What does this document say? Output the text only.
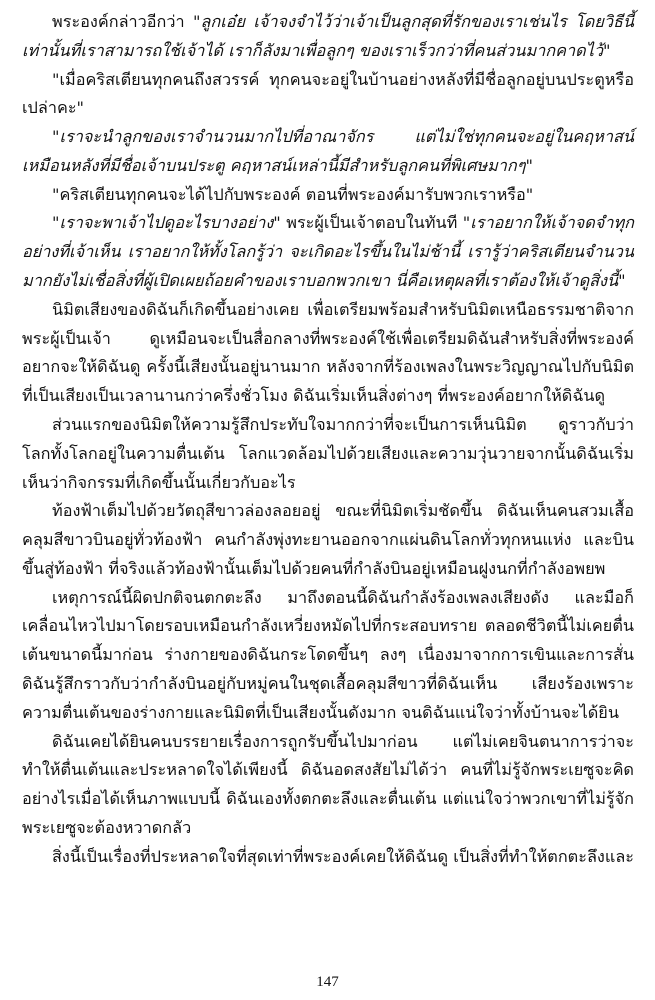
พระองค์กล่าวอีกว่า "ลูกเอ๋ย เจ้าจงจำไว้ว่าเจ้าเป็นลูกสุดที่รักของเราเช่นไร โดยวิธีนี้เท่านั้นที่เราสามารถใช้เจ้าได้ เราก็ลังมาเพื่อลูกๆ ของเราเร็วกว่าที่คนส่วนมากคาดไว้"

"เมื่อคริสเตียนทุกคนถึงสวรรค์ ทุกคนจะอยู่ในบ้านอย่างหลังที่มีชื่อลูกอยู่บนประตูหรือเปล่าคะ"

"เราจะนำลูกของเราจำนวนมากไปที่อาณาจักร แต่ไม่ใช่ทุกคนจะอยู่ในคฤหาสน์เหมือนหลังที่มีชื่อเจ้าบนประตู คฤหาสน์เหล่านี้มีสำหรับลูกคนที่พิเศษมากๆ"

"คริสเตียนทุกคนจะได้ไปกับพระองค์ ตอนที่พระองค์มารับพวกเราหรือ"

"เราจะพาเจ้าไปดูอะไรบางอย่าง" พระผู้เป็นเจ้าตอบในทันที "เราอยากให้เจ้าจดจำทุกอย่างที่เจ้าเห็น เราอยากให้ทั้งโลกรู้ว่า จะเกิดอะไรขึ้นในไม่ช้านี้ เรารู้ว่าคริสเตียนจำนวนมากยังไม่เชื่อสิ่งที่ผู้เปิดเผยถ้อยคำของเราบอกพวกเขา นี่คือเหตุผลที่เราต้องให้เจ้าดูสิ่งนี้"

นิมิตเสียงของดิฉันก็เกิดขึ้นอย่างเคย เพื่อเตรียมพร้อมสำหรับนิมิตเหนือธรรมชาติจากพระผู้เป็นเจ้า ดูเหมือนจะเป็นสื่อกลางที่พระองค์ใช้เพื่อเตรียมดิฉันสำหรับสิ่งที่พระองค์อยากจะให้ดิฉันดู ครั้งนี้เสียงนั้นอยู่นานมาก หลังจากที่ร้องเพลงในพระวิญญาณไปกับนิมิตที่เป็นเสียงเป็นเวลานานกว่าครึ่งชั่วโมง ดิฉันเริ่มเห็นสิ่งต่างๆ ที่พระองค์อยากให้ดิฉันดู

ส่วนแรกของนิมิตให้ความรู้สึกประทับใจมากกว่าที่จะเป็นการเห็นนิมิต ดูราวกับว่าโลกทั้งโลกอยู่ในความตื่นเต้น โลกแวดล้อมไปด้วยเสียงและความวุ่นวายจากนั้นดิฉันเริ่มเห็นว่ากิจกรรมที่เกิดขึ้นนั้นเกี่ยวกับอะไร

ท้องฟ้าเต็มไปด้วยวัตถุสีขาวล่องลอยอยู่ ขณะที่นิมิตเริ่มชัดขึ้น ดิฉันเห็นคนสวมเสื้อคลุมสีขาวบินอยู่ทั่วท้องฟ้า คนกำลังพุ่งทะยานออกจากแผ่นดินโลกทั่วทุกหนแห่ง และบินขึ้นสู่ท้องฟ้า ที่จริงแล้วท้องฟ้านั้นเต็มไปด้วยคนที่กำลังบินอยู่เหมือนฝูงนกที่กำลังอพยพ

เหตุการณ์นี้ผิดปกติจนตกตะลึง มาถึงตอนนี้ดิฉันกำลังร้องเพลงเสียงดัง และมือก็เคลื่อนไหวไปมาโดยรอบเหมือนกำลังเหวี่ยงหมัดไปที่กระสอบทราย ตลอดชีวิตนี้ไม่เคยตื่นเต้นขนาดนี้มาก่อน ร่างกายของดิฉันกระโดดขึ้นๆ ลงๆ เนื่องมาจากการเขินและการสั่น ดิฉันรู้สึกราวกับว่ากำลังบินอยู่กับหมู่คนในชุดเสื้อคลุมสีขาวที่ดิฉันเห็น เสียงร้องเพราะความตื่นเต้นของร่างกายและนิมิตที่เป็นเสียงนั้นดังมาก จนดิฉันแน่ใจว่าทั้งบ้านจะได้ยิน

ดิฉันเคยได้ยินคนบรรยายเรื่องการถูกรับขึ้นไปมาก่อน แต่ไม่เคยจินตนาการว่าจะทำให้ตื่นเต้นและประหลาดใจได้เพียงนี้ ดิฉันอดสงสัยไม่ได้ว่า คนที่ไม่รู้จักพระเยซูจะคิดอย่างไรเมื่อได้เห็นภาพแบบนี้ ดิฉันเองทั้งตกตะลึงและตื่นเต้น แต่แน่ใจว่าพวกเขาที่ไม่รู้จักพระเยซูจะต้องหวาดกลัว

สิ่งนี้เป็นเรื่องที่ประหลาดใจที่สุดเท่าที่พระองค์เคยให้ดิฉันดู เป็นสิ่งที่ทำให้ตกตะลึงและ

147
